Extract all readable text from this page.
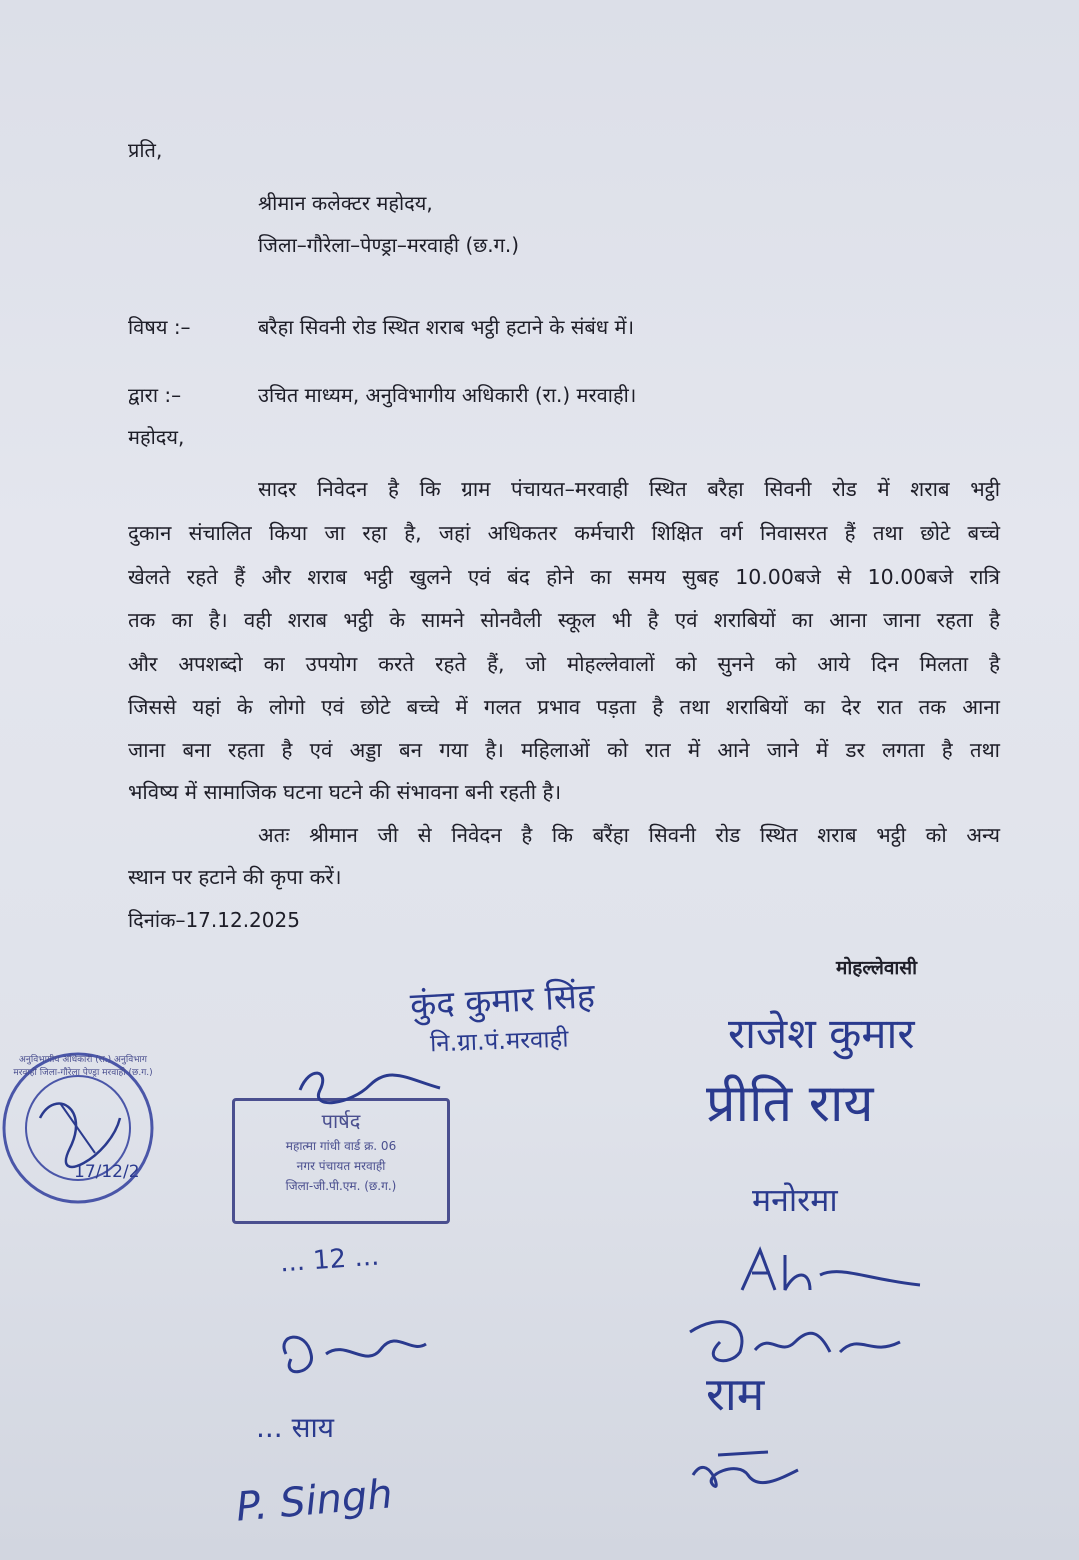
प्रति,
श्रीमान कलेक्टर महोदय,
जिला–गौरेला–पेण्ड्रा–मरवाही (छ.ग.)
विषय :–	बरैहा सिवनी रोड स्थित शराब भट्ठी हटाने के संबंध में।
द्वारा :–	उचित माध्यम, अनुविभागीय अधिकारी (रा.) मरवाही।
महोदय,
सादर निवेदन है कि ग्राम पंचायत–मरवाही स्थित बरैहा सिवनी रोड में शराब भट्ठी
दुकान संचालित किया जा रहा है, जहां अधिकतर कर्मचारी शिक्षित वर्ग निवासरत हैं तथा छोटे बच्चे
खेलते रहते हैं और शराब भट्ठी खुलने एवं बंद होने का समय सुबह 10.00बजे से 10.00बजे रात्रि
तक का है। वही शराब भट्ठी के सामने सोनवैली स्कूल भी है एवं शराबियों का आना जाना रहता है
और अपशब्दो का उपयोग करते रहते हैं, जो मोहल्लेवालों को सुनने को आये दिन मिलता है
जिससे यहां के लोगो एवं छोटे बच्चे में गलत प्रभाव पड़ता है तथा शराबियों का देर रात तक आना
जाना बना रहता है एवं अड्डा बन गया है। महिलाओं को रात में आने जाने में डर लगता है तथा
भविष्य में सामाजिक घटना घटने की संभावना बनी रहती है।
अतः श्रीमान जी से निवेदन है कि बरैंहा सिवनी रोड स्थित शराब भट्ठी को अन्य
स्थान पर हटाने की कृपा करें।
दिनांक–17.12.2025
मोहल्लेवासी
अनुविभागीय अधिकारी (रा.) अनुविभाग मरवाही जिला-गौरेला पेण्ड्रा मरवाही (छ.ग.)
17/12/2
पार्षद
महात्मा गांधी वार्ड क्र. 06
नगर पंचायत मरवाही
जिला-जी.पी.एम. (छ.ग.)
कुंद कुमार सिंह
नि.ग्रा.पं.मरवाही	राजेश कुमार
प्रीति राय
मनोरमा
राम
... 12 ...
... साय
P. Singh
